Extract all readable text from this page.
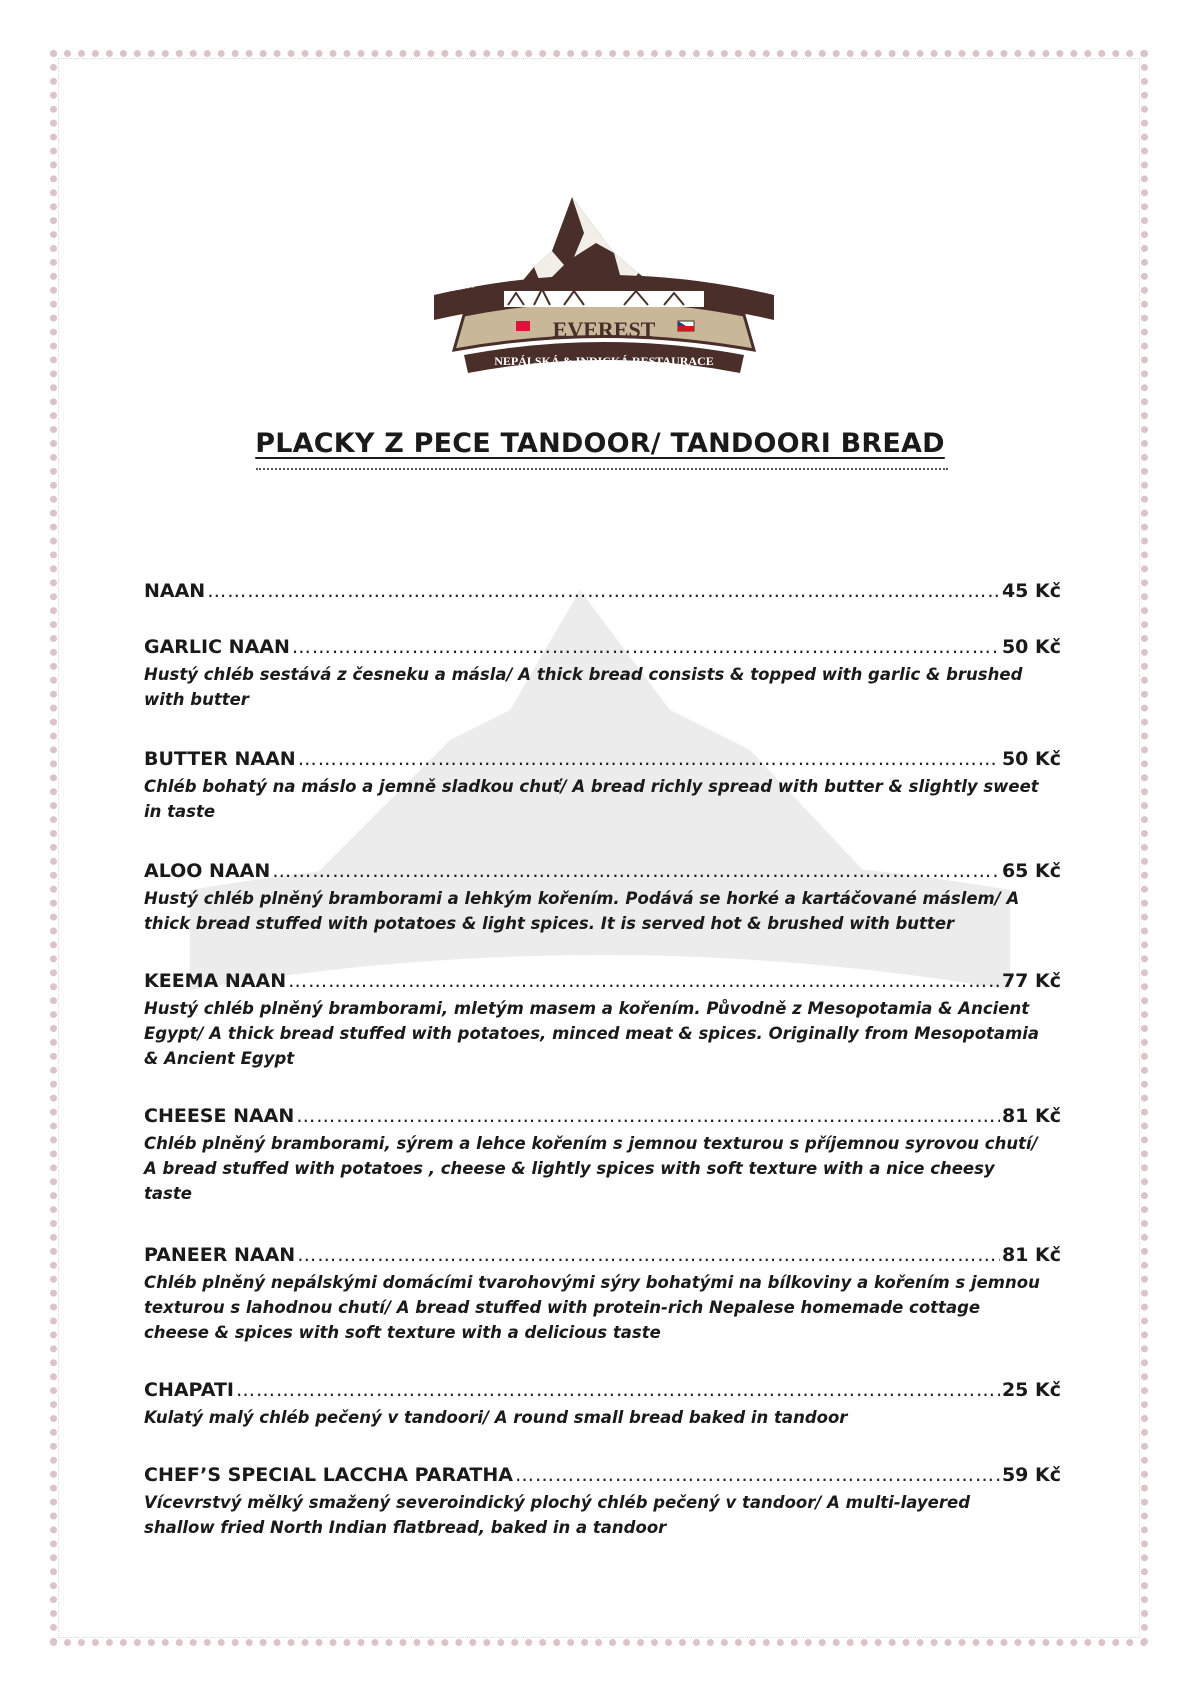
since
2010
EVEREST
NEPÁLSKÁ & INDICKÁ RESTAURACE
PLACKY Z PECE TANDOOR/ TANDOORI BREAD
NAAN ……………………………………………………………………………………………………………………………………………………………………………………	45 Kč
GARLIC NAAN ……………………………………………………………………………………………………………………………………………………………………………………	50 Kč
Hustý chléb sestává z česneku a másla/ A thick bread consists & topped with garlic & brushed with butter
BUTTER NAAN ……………………………………………………………………………………………………………………………………………………………………………………	50 Kč
Chléb bohatý na máslo a jemně sladkou chuť/ A bread richly spread with butter & slightly sweet in taste
ALOO NAAN ……………………………………………………………………………………………………………………………………………………………………………………	65 Kč
Hustý chléb plněný bramborami a lehkým kořením. Podává se horké a kartáčované máslem/ A thick bread stuffed with potatoes & light spices. It is served hot & brushed with butter
KEEMA NAAN ……………………………………………………………………………………………………………………………………………………………………………………	77 Kč
Hustý chléb plněný bramborami, mletým masem a kořením. Původně z Mesopotamia & Ancient Egypt/ A thick bread stuffed with potatoes, minced meat & spices. Originally from Mesopotamia & Ancient Egypt
CHEESE NAAN ……………………………………………………………………………………………………………………………………………………………………………………	81 Kč
Chléb plněný bramborami, sýrem a lehce kořením s jemnou texturou s příjemnou syrovou chutí/ A bread stuffed with potatoes , cheese & lightly spices with soft texture with a nice cheesy taste
PANEER NAAN ……………………………………………………………………………………………………………………………………………………………………………………	81 Kč
Chléb plněný nepálskými domácími tvarohovými sýry bohatými na bílkoviny a kořením s jemnou texturou s lahodnou chutí/ A bread stuffed with protein-rich Nepalese homemade cottage cheese & spices with soft texture with a delicious taste
CHAPATI ……………………………………………………………………………………………………………………………………………………………………………………	25 Kč
Kulatý malý chléb pečený v tandoori/ A round small bread baked in tandoor
CHEF’S SPECIAL LACCHA PARATHA ……………………………………………………………………………………………………………………………………………………………………………………	59 Kč
Vícevrstvý mělký smažený severoindický plochý chléb pečený v tandoor/ A multi-layered shallow fried North Indian flatbread, baked in a tandoor
